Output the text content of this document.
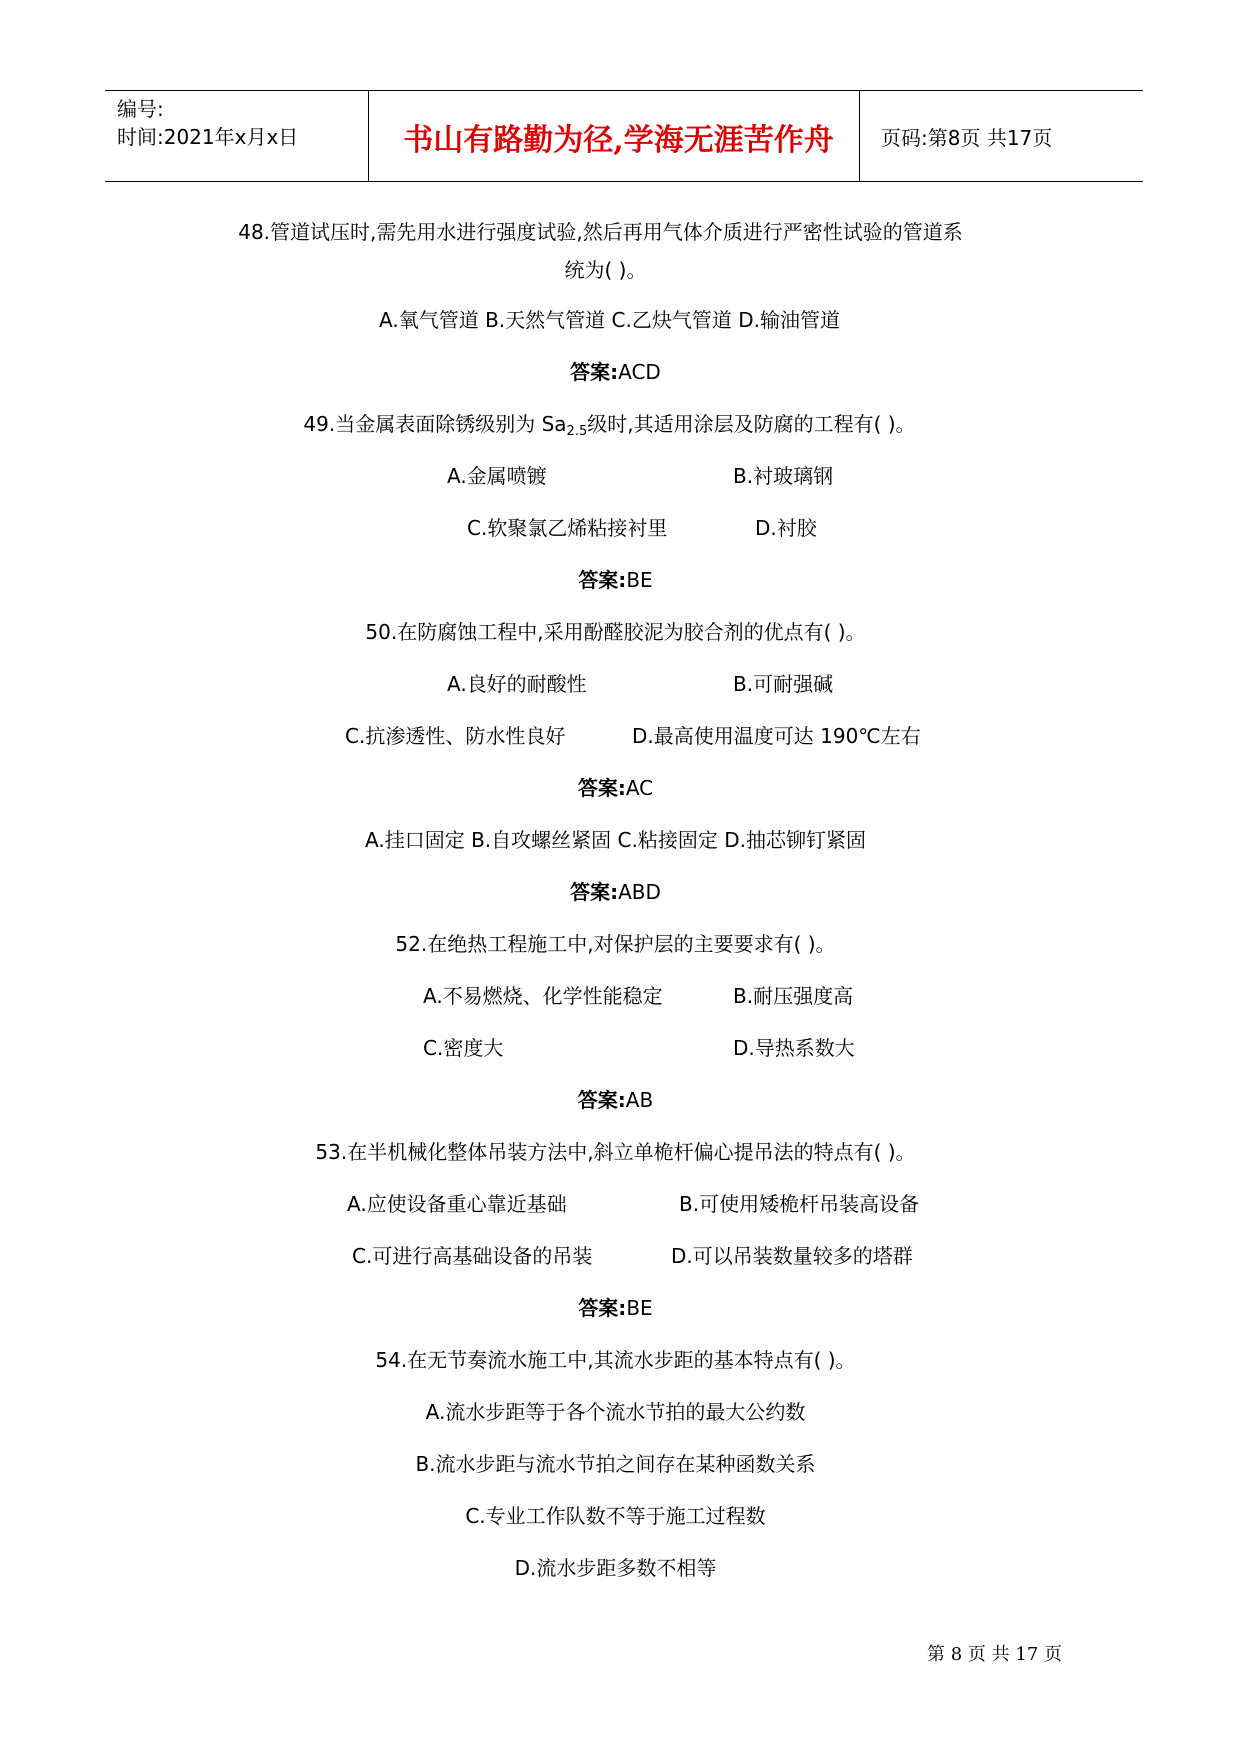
编号:
时间:2021年x月x日	书山有路勤为径,学海无涯苦作舟	页码:第8页 共17页
48.管道试压时,需先用水进行强度试验,然后再用气体介质进行严密性试验的管道系
统为( )。
A.氧气管道 B.天然气管道 C.乙炔气管道 D.输油管道
答案:ACD
49.当金属表面除锈级别为 $Sa_{2.5}$级时,其适用涂层及防腐的工程有( )。
A.金属喷镀	B.衬玻璃钢
C.软聚氯乙烯粘接衬里	D.衬胶
答案:BE
50.在防腐蚀工程中,采用酚醛胶泥为胶合剂的优点有( )。
A.良好的耐酸性	B.可耐强碱
C.抗渗透性、防水性良好	D.最高使用温度可达 190℃左右
答案:AC
A.挂口固定 B.自攻螺丝紧固 C.粘接固定 D.抽芯铆钉紧固
答案:ABD
52.在绝热工程施工中,对保护层的主要要求有( )。
A.不易燃烧、化学性能稳定	B.耐压强度高
C.密度大	D.导热系数大
答案:AB
53.在半机械化整体吊装方法中,斜立单桅杆偏心提吊法的特点有( )。
A.应使设备重心靠近基础	B.可使用矮桅杆吊装高设备
C.可进行高基础设备的吊装	D.可以吊装数量较多的塔群
答案:BE
54.在无节奏流水施工中,其流水步距的基本特点有( )。
A.流水步距等于各个流水节拍的最大公约数
B.流水步距与流水节拍之间存在某种函数关系
C.专业工作队数不等于施工过程数
D.流水步距多数不相等
第 8 页 共 17 页
